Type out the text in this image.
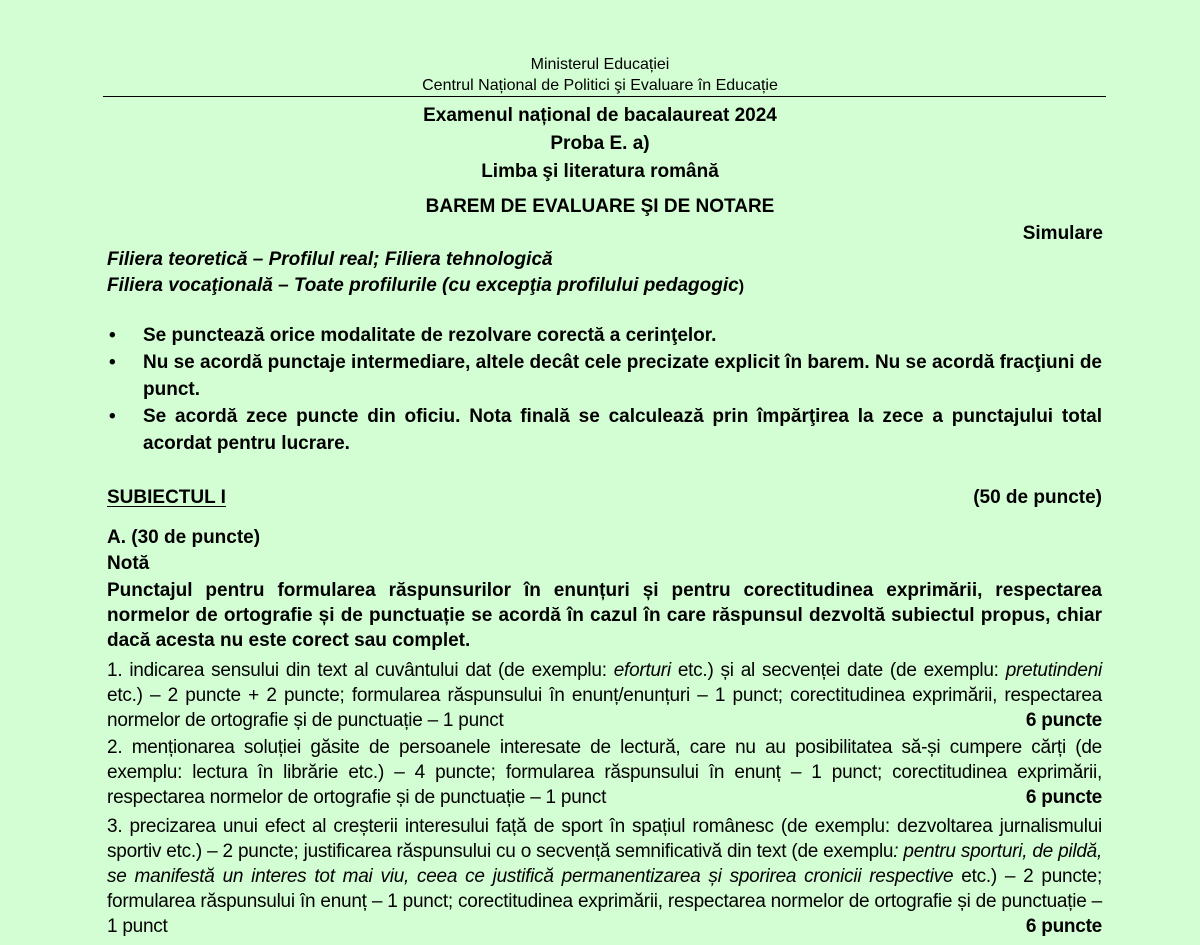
Ministerul Educației
Centrul Național de Politici şi Evaluare în Educație
Examenul național de bacalaureat 2024
Proba E. a)
Limba şi literatura română
BAREM DE EVALUARE ŞI DE NOTARE
Simulare
Filiera teoretică – Profilul real; Filiera tehnologică
Filiera vocaţională – Toate profilurile (cu excepţia profilului pedagogic)
• Se punctează orice modalitate de rezolvare corectă a cerinţelor.
• Nu se acordă punctaje intermediare, altele decât cele precizate explicit în barem. Nu se acordă fracţiuni de punct.
• Se acordă zece puncte din oficiu. Nota finală se calculează prin împărţirea la zece a punctajului total acordat pentru lucrare.
SUBIECTUL I	(50 de puncte)
A. (30 de puncte)
Notă
Punctajul pentru formularea răspunsurilor în enunțuri și pentru corectitudinea exprimării, respectarea normelor de ortografie și de punctuație se acordă în cazul în care răspunsul dezvoltă subiectul propus, chiar dacă acesta nu este corect sau complet.
1. indicarea sensului din text al cuvântului dat (de exemplu: eforturi etc.) și al secvenței date (de exemplu: pretutindeni etc.) – 2 puncte + 2 puncte; formularea răspunsului în enunț/enunțuri – 1 punct; corectitudinea exprimării, respectarea normelor de ortografie și de punctuație – 1 punct	6 puncte
2. menționarea soluției găsite de persoanele interesate de lectură, care nu au posibilitatea să-și cumpere cărți (de exemplu: lectura în librărie etc.) – 4 puncte; formularea răspunsului în enunț – 1 punct; corectitudinea exprimării, respectarea normelor de ortografie și de punctuație – 1 punct	6 puncte
3. precizarea unui efect al creșterii interesului față de sport în spațiul românesc (de exemplu: dezvoltarea jurnalismului sportiv etc.) – 2 puncte; justificarea răspunsului cu o secvență semnificativă din text (de exemplu: pentru sporturi, de pildă, se manifestă un interes tot mai viu, ceea ce justifică permanentizarea și sporirea cronicii respective etc.) – 2 puncte; formularea răspunsului în enunț – 1 punct; corectitudinea exprimării, respectarea normelor de ortografie și de punctuație – 1 punct	6 puncte
